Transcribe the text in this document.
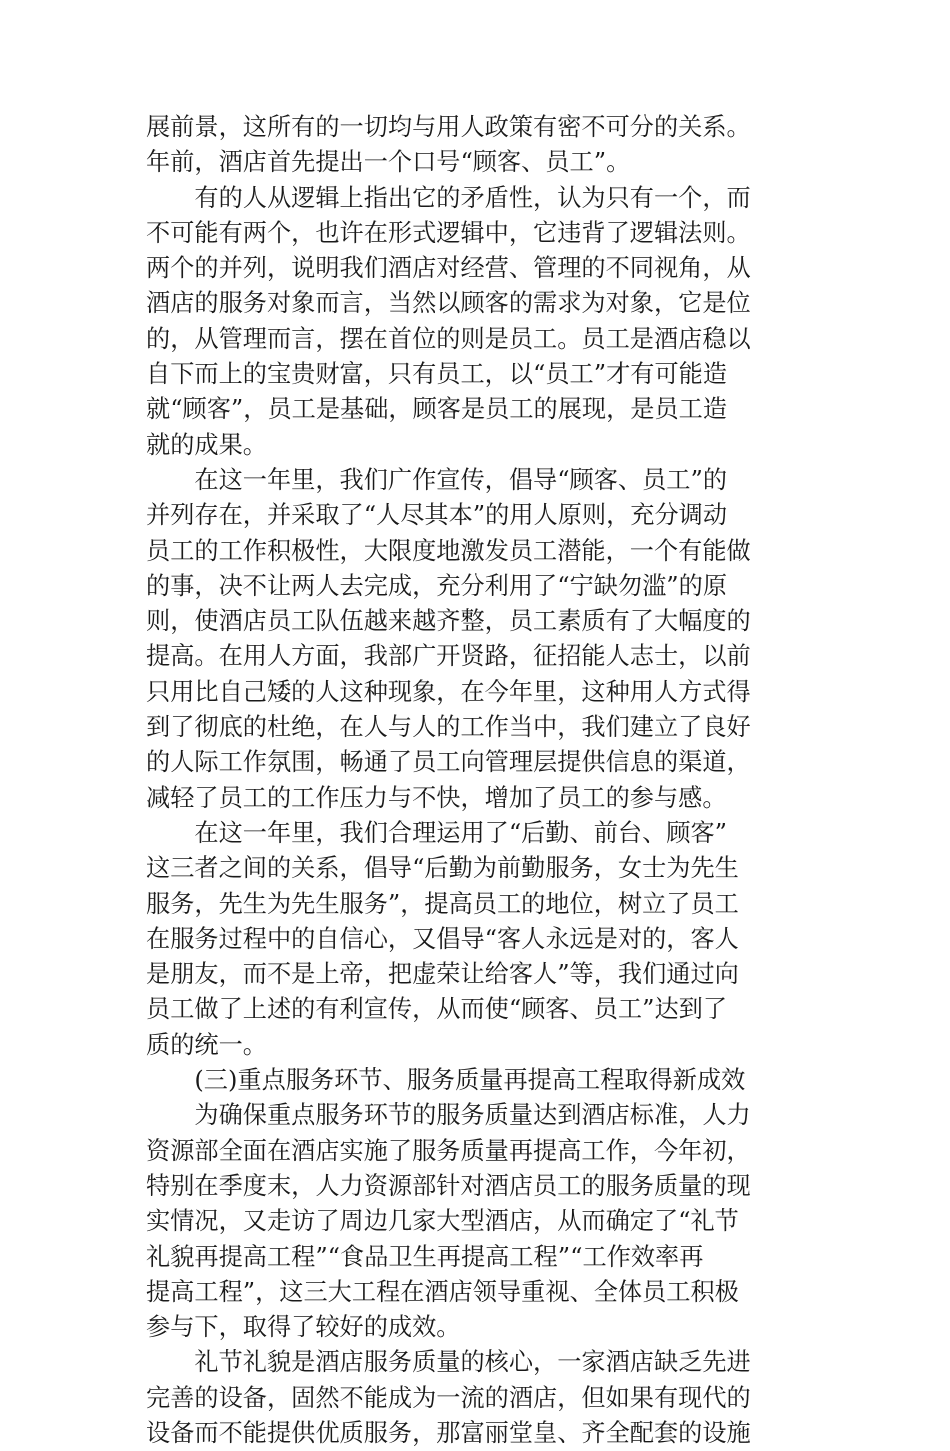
展前景，这所有的一切均与用人政策有密不可分的关系。
年前，酒店首先提出一个口号“顾客、员工”。
　　有的人从逻辑上指出它的矛盾性，认为只有一个，而
不可能有两个，也许在形式逻辑中，它违背了逻辑法则。
两个的并列，说明我们酒店对经营、管理的不同视角，从
酒店的服务对象而言，当然以顾客的需求为对象，它是位
的，从管理而言，摆在首位的则是员工。员工是酒店稳以
自下而上的宝贵财富，只有员工，以“员工”才有可能造
就“顾客”，员工是基础，顾客是员工的展现，是员工造
就的成果。
　　在这一年里，我们广作宣传，倡导“顾客、员工”的
并列存在，并采取了“人尽其本”的用人原则，充分调动
员工的工作积极性，大限度地激发员工潜能，一个有能做
的事，决不让两人去完成，充分利用了“宁缺勿滥”的原
则，使酒店员工队伍越来越齐整，员工素质有了大幅度的
提高。在用人方面，我部广开贤路，征招能人志士，以前
只用比自己矮的人这种现象，在今年里，这种用人方式得
到了彻底的杜绝，在人与人的工作当中，我们建立了良好
的人际工作氛围，畅通了员工向管理层提供信息的渠道，
减轻了员工的工作压力与不快，增加了员工的参与感。
　　在这一年里，我们合理运用了“后勤、前台、顾客”
这三者之间的关系，倡导“后勤为前勤服务，女士为先生
服务，先生为先生服务”，提高员工的地位，树立了员工
在服务过程中的自信心，又倡导“客人永远是对的，客人
是朋友，而不是上帝，把虚荣让给客人”等，我们通过向
员工做了上述的有利宣传，从而使“顾客、员工”达到了
质的统一。
　　(三)重点服务环节、服务质量再提高工程取得新成效
　　为确保重点服务环节的服务质量达到酒店标准，人力
资源部全面在酒店实施了服务质量再提高工作，今年初，
特别在季度末，人力资源部针对酒店员工的服务质量的现
实情况，又走访了周边几家大型酒店，从而确定了“礼节
礼貌再提高工程”“食品卫生再提高工程”“工作效率再
提高工程”，这三大工程在酒店领导重视、全体员工积极
参与下，取得了较好的成效。
　　礼节礼貌是酒店服务质量的核心，一家酒店缺乏先进
完善的设备，固然不能成为一流的酒店，但如果有现代的
设备而不能提供优质服务，那富丽堂皇、齐全配套的设施
